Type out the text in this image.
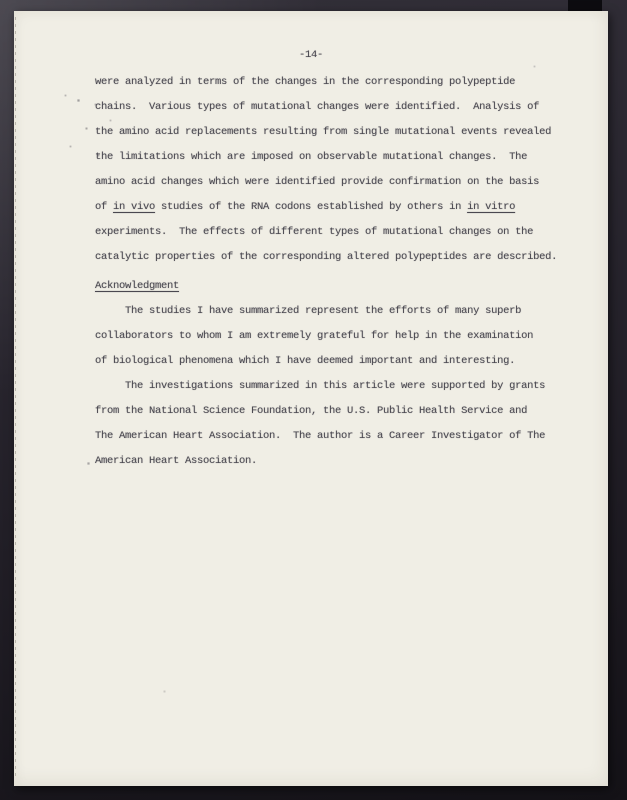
-14-
were analyzed in terms of the changes in the corresponding polypeptide
chains.  Various types of mutational changes were identified.  Analysis of
the amino acid replacements resulting from single mutational events revealed
the limitations which are imposed on observable mutational changes.  The
amino acid changes which were identified provide confirmation on the basis
of in vivo studies of the RNA codons established by others in in vitro
experiments.  The effects of different types of mutational changes on the
catalytic properties of the corresponding altered polypeptides are described.
Acknowledgment
The studies I have summarized represent the efforts of many superb
collaborators to whom I am extremely grateful for help in the examination
of biological phenomena which I have deemed important and interesting.
The investigations summarized in this article were supported by grants
from the National Science Foundation, the U.S. Public Health Service and
The American Heart Association.  The author is a Career Investigator of The
American Heart Association.
